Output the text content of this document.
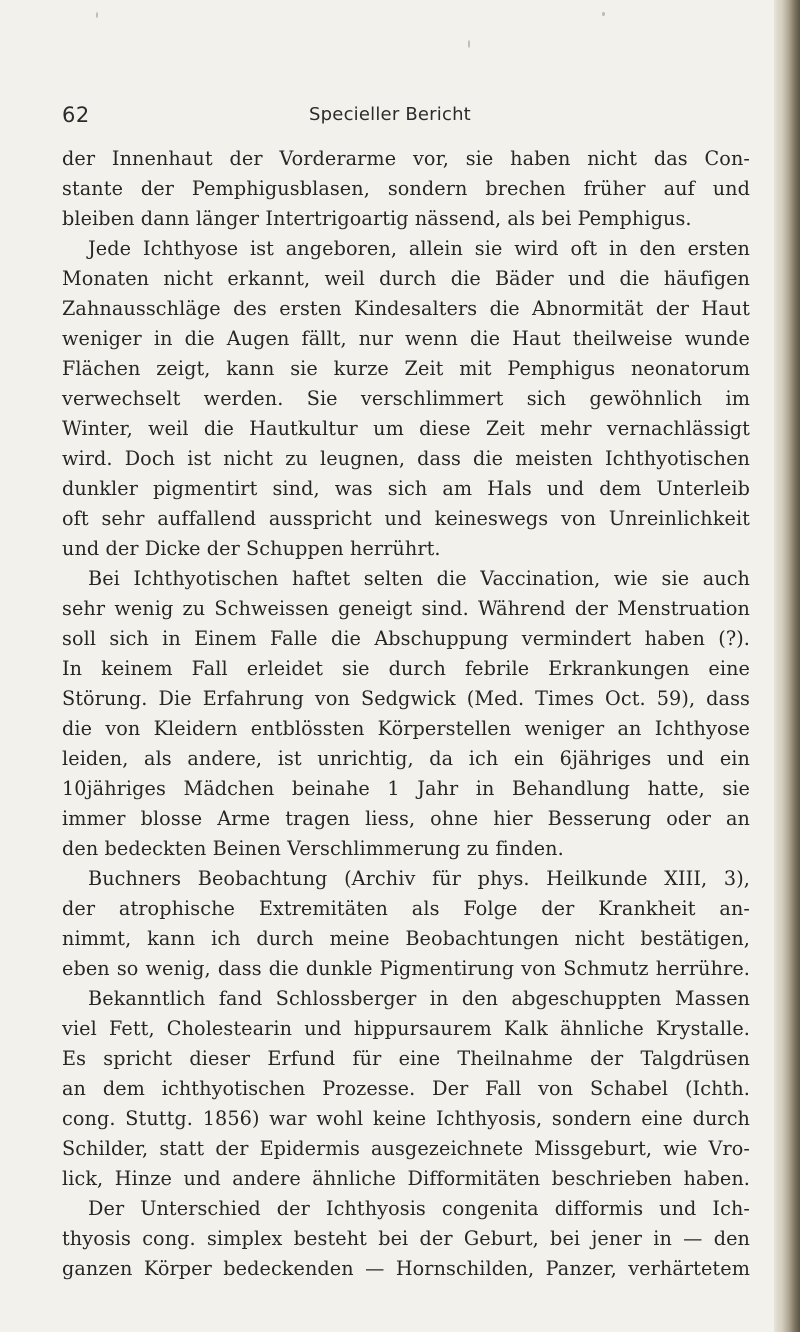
62	Specieller Bericht
der Innenhaut der Vorderarme vor, sie haben nicht das Con-
stante der Pemphigusblasen, sondern brechen früher auf und
bleiben dann länger Intertrigoartig nässend, als bei Pemphigus.
Jede Ichthyose ist angeboren, allein sie wird oft in den ersten
Monaten nicht erkannt, weil durch die Bäder und die häufigen
Zahnausschläge des ersten Kindesalters die Abnormität der Haut
weniger in die Augen fällt, nur wenn die Haut theilweise wunde
Flächen zeigt, kann sie kurze Zeit mit Pemphigus neonatorum
verwechselt werden. Sie verschlimmert sich gewöhnlich im
Winter, weil die Hautkultur um diese Zeit mehr vernachlässigt
wird. Doch ist nicht zu leugnen, dass die meisten Ichthyotischen
dunkler pigmentirt sind, was sich am Hals und dem Unterleib
oft sehr auffallend ausspricht und keineswegs von Unreinlichkeit
und der Dicke der Schuppen herrührt.
Bei Ichthyotischen haftet selten die Vaccination, wie sie auch
sehr wenig zu Schweissen geneigt sind. Während der Menstruation
soll sich in Einem Falle die Abschuppung vermindert haben (?).
In keinem Fall erleidet sie durch febrile Erkrankungen eine
Störung. Die Erfahrung von Sedgwick (Med. Times Oct. 59), dass
die von Kleidern entblössten Körperstellen weniger an Ichthyose
leiden, als andere, ist unrichtig, da ich ein 6jähriges und ein
10jähriges Mädchen beinahe 1 Jahr in Behandlung hatte, sie
immer blosse Arme tragen liess, ohne hier Besserung oder an
den bedeckten Beinen Verschlimmerung zu finden.
Buchners Beobachtung (Archiv für phys. Heilkunde XIII, 3),
der atrophische Extremitäten als Folge der Krankheit an-
nimmt, kann ich durch meine Beobachtungen nicht bestätigen,
eben so wenig, dass die dunkle Pigmentirung von Schmutz herrühre.
Bekanntlich fand Schlossberger in den abgeschuppten Massen
viel Fett, Cholestearin und hippursaurem Kalk ähnliche Krystalle.
Es spricht dieser Erfund für eine Theilnahme der Talgdrüsen
an dem ichthyotischen Prozesse. Der Fall von Schabel (Ichth.
cong. Stuttg. 1856) war wohl keine Ichthyosis, sondern eine durch
Schilder, statt der Epidermis ausgezeichnete Missgeburt, wie Vro-
lick, Hinze und andere ähnliche Difformitäten beschrieben haben.
Der Unterschied der Ichthyosis congenita difformis und Ich-
thyosis cong. simplex besteht bei der Geburt, bei jener in — den
ganzen Körper bedeckenden — Hornschilden, Panzer, verhärtetem
